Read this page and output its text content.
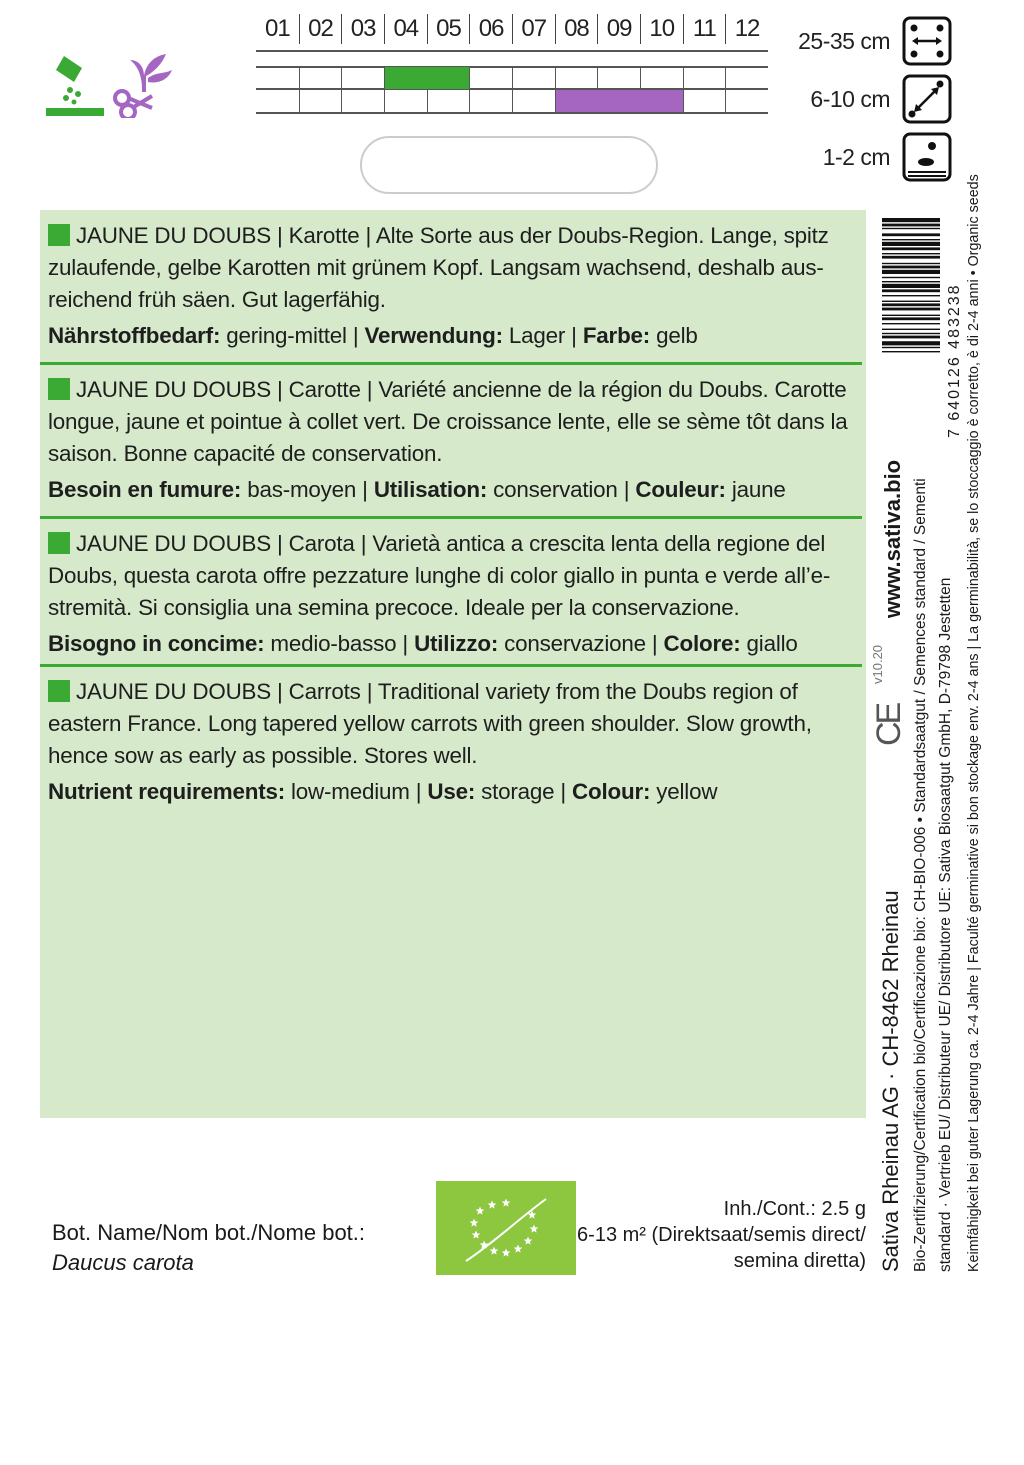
01 02 03 04 05 06 07 08 09 10 11 12	25-35 cm
6-10 cm
1-2 cm

JAUNE DU DOUBS | Karotte | Alte Sorte aus der Doubs-Region. Lange, spitz zulaufende, gelbe Karotten mit grünem Kopf. Langsam wachsend, deshalb aus-reichend früh säen. Gut lagerfähig.

Nährstoffbedarf: gering-mittel | Verwendung: Lager | Farbe: gelb

JAUNE DU DOUBS | Carotte | Variété ancienne de la région du Doubs. Carotte longue, jaune et pointue à collet vert. De croissance lente, elle se sème tôt dans la saison. Bonne capacité de conservation.

Besoin en fumure: bas-moyen | Utilisation: conservation | Couleur: jaune

JAUNE DU DOUBS | Carota | Varietà antica a crescita lenta della regione del Doubs, questa carota offre pezzature lunghe di color giallo in punta e verde all’e-stremità. Si consiglia una semina precoce. Ideale per la conservazione.

Bisogno in concime: medio-basso | Utilizzo: conservazione | Colore: giallo

JAUNE DU DOUBS | Carrots | Traditional variety from the Doubs region of eastern France. Long tapered yellow carrots with green shoulder. Slow growth, hence sow as early as possible. Stores well.

Nutrient requirements: low-medium | Use: storage | Colour: yellow

www.sativa.bio
v10.20
CE
Sativa Rheinau AG · CH-8462 Rheinau Bio-Zertifizierung/Certification bio/Certificazione bio: CH-BIO-006 • Standardsaatgut / Semences standard / Sementi standard · Vertrieb EU/ Distributeur UE/ Distributore UE: Sativa Biosaatgut GmbH, D-79798 Jestetten Keimfähigkeit bei guter Lagerung ca. 2-4 Jahre | Faculté germinative si bon stockage env. 2-4 ans | La germinabilità, se lo stoccaggio è corretto, è di 2-4 anni • Organic seeds
7 640126 483238
Bot. Name/Nom bot./Nome bot.:
Daucus carota
Inh./Cont.: 2.5 g
6-13 m² (Direktsaat/semis direct/
semina diretta)
